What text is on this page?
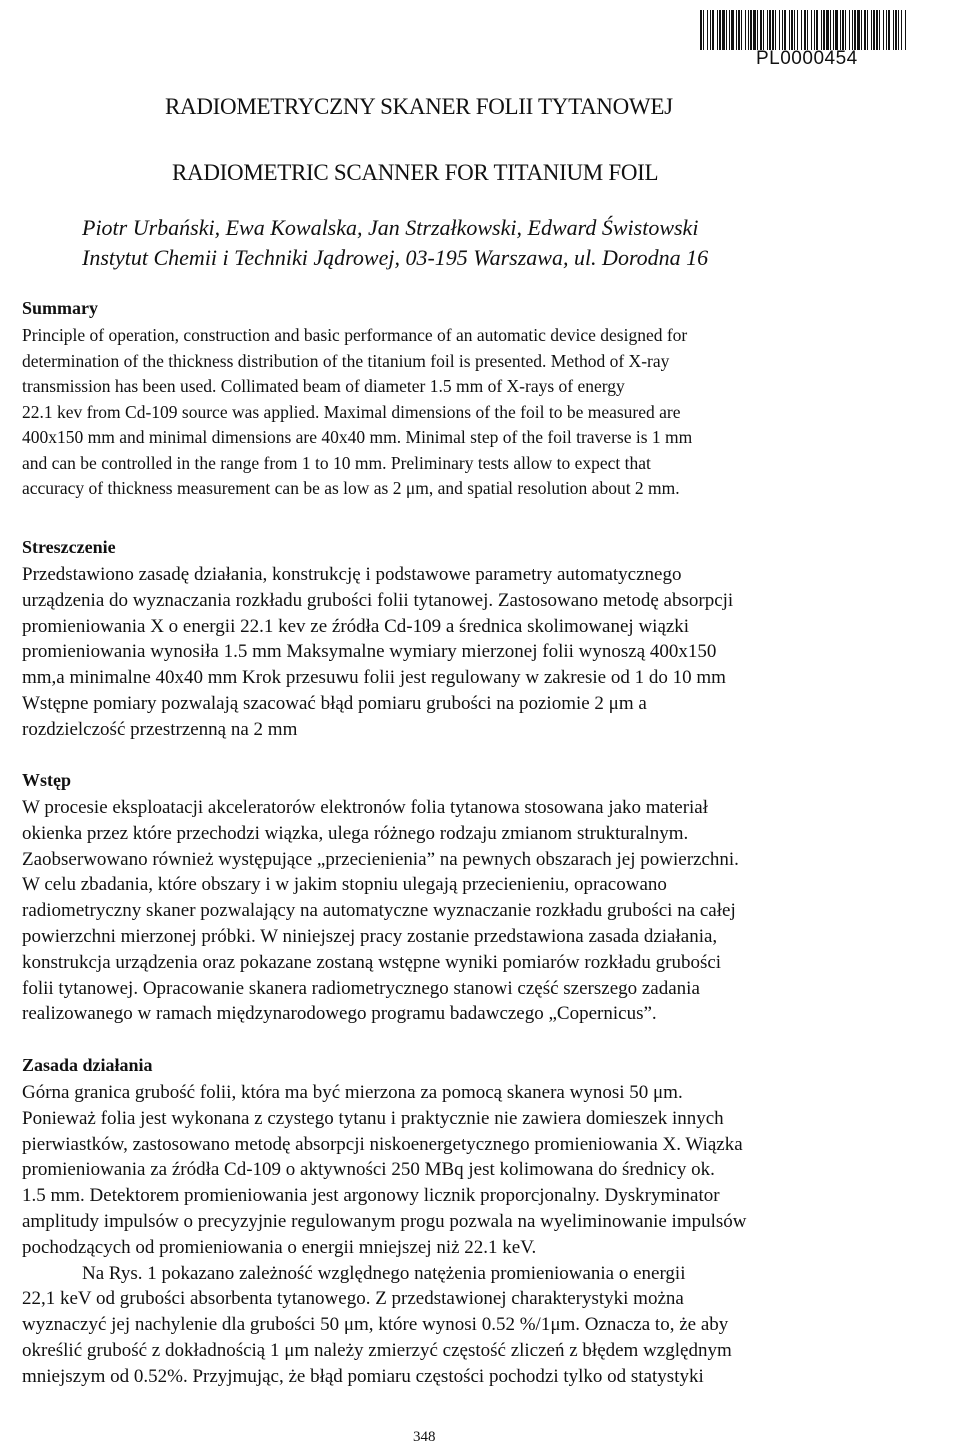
PL0000454
RADIOMETRYCZNY SKANER FOLII TYTANOWEJ
RADIOMETRIC SCANNER FOR TITANIUM FOIL
Piotr Urbański, Ewa Kowalska, Jan Strzałkowski, Edward Świstowski
Instytut Chemii i Techniki Jądrowej, 03-195 Warszawa, ul. Dorodna 16
Summary
Principle of operation, construction and basic performance of an automatic device designed for
determination of the thickness distribution of the titanium foil is presented. Method of X-ray
transmission has been used. Collimated beam of diameter 1.5 mm of X-rays of energy
22.1 kev from Cd-109 source was applied. Maximal dimensions of the foil to be measured are
400x150 mm and minimal dimensions are 40x40 mm. Minimal step of the foil traverse is 1 mm
and can be controlled in the range from 1 to 10 mm. Preliminary tests allow to expect that
accuracy of thickness measurement can be as low as 2 μm, and spatial resolution about 2 mm.
Streszczenie
Przedstawiono zasadę działania, konstrukcję i podstawowe parametry automatycznego
urządzenia do wyznaczania rozkładu grubości folii tytanowej. Zastosowano metodę absorpcji
promieniowania X o energii 22.1 kev ze źródła Cd-109 a średnica skolimowanej wiązki
promieniowania wynosiła 1.5 mm Maksymalne wymiary mierzonej folii wynoszą 400x150
mm,a minimalne 40x40 mm Krok przesuwu folii jest regulowany w zakresie od 1 do 10 mm
Wstępne pomiary pozwalają szacować błąd pomiaru grubości na poziomie 2 μm a
rozdzielczość przestrzenną na 2 mm
Wstęp
W procesie eksploatacji akceleratorów elektronów folia tytanowa stosowana jako materiał
okienka przez które przechodzi wiązka, ulega różnego rodzaju zmianom strukturalnym.
Zaobserwowano również występujące „przecienienia” na pewnych obszarach jej powierzchni.
W celu zbadania, które obszary i w jakim stopniu ulegają przecienieniu, opracowano
radiometryczny skaner pozwalający na automatyczne wyznaczanie rozkładu grubości na całej
powierzchni mierzonej próbki. W niniejszej pracy zostanie przedstawiona zasada działania,
konstrukcja urządzenia oraz pokazane zostaną wstępne wyniki pomiarów rozkładu grubości
folii tytanowej. Opracowanie skanera radiometrycznego stanowi część szerszego zadania
realizowanego w ramach międzynarodowego programu badawczego „Copernicus”.
Zasada działania
Górna granica grubość folii, która ma być mierzona za pomocą skanera wynosi 50 μm.
Ponieważ folia jest wykonana z czystego tytanu i praktycznie nie zawiera domieszek innych
pierwiastków, zastosowano metodę absorpcji niskoenergetycznego promieniowania X. Wiązka
promieniowania za źródła Cd-109 o aktywności 250 MBq jest kolimowana do średnicy ok.
1.5 mm. Detektorem promieniowania jest argonowy licznik proporcjonalny. Dyskryminator
amplitudy impulsów o precyzyjnie regulowanym progu pozwala na wyeliminowanie impulsów
pochodzących od promieniowania o energii mniejszej niż 22.1 keV.
Na Rys. 1 pokazano zależność względnego natężenia promieniowania o energii
22,1 keV od grubości absorbenta tytanowego. Z przedstawionej charakterystyki można
wyznaczyć jej nachylenie dla grubości 50 μm, które wynosi 0.52 %/1μm. Oznacza to, że aby
określić grubość z dokładnością 1 μm należy zmierzyć częstość zliczeń z błędem względnym
mniejszym od 0.52%. Przyjmując, że błąd pomiaru częstości pochodzi tylko od statystyki
348
